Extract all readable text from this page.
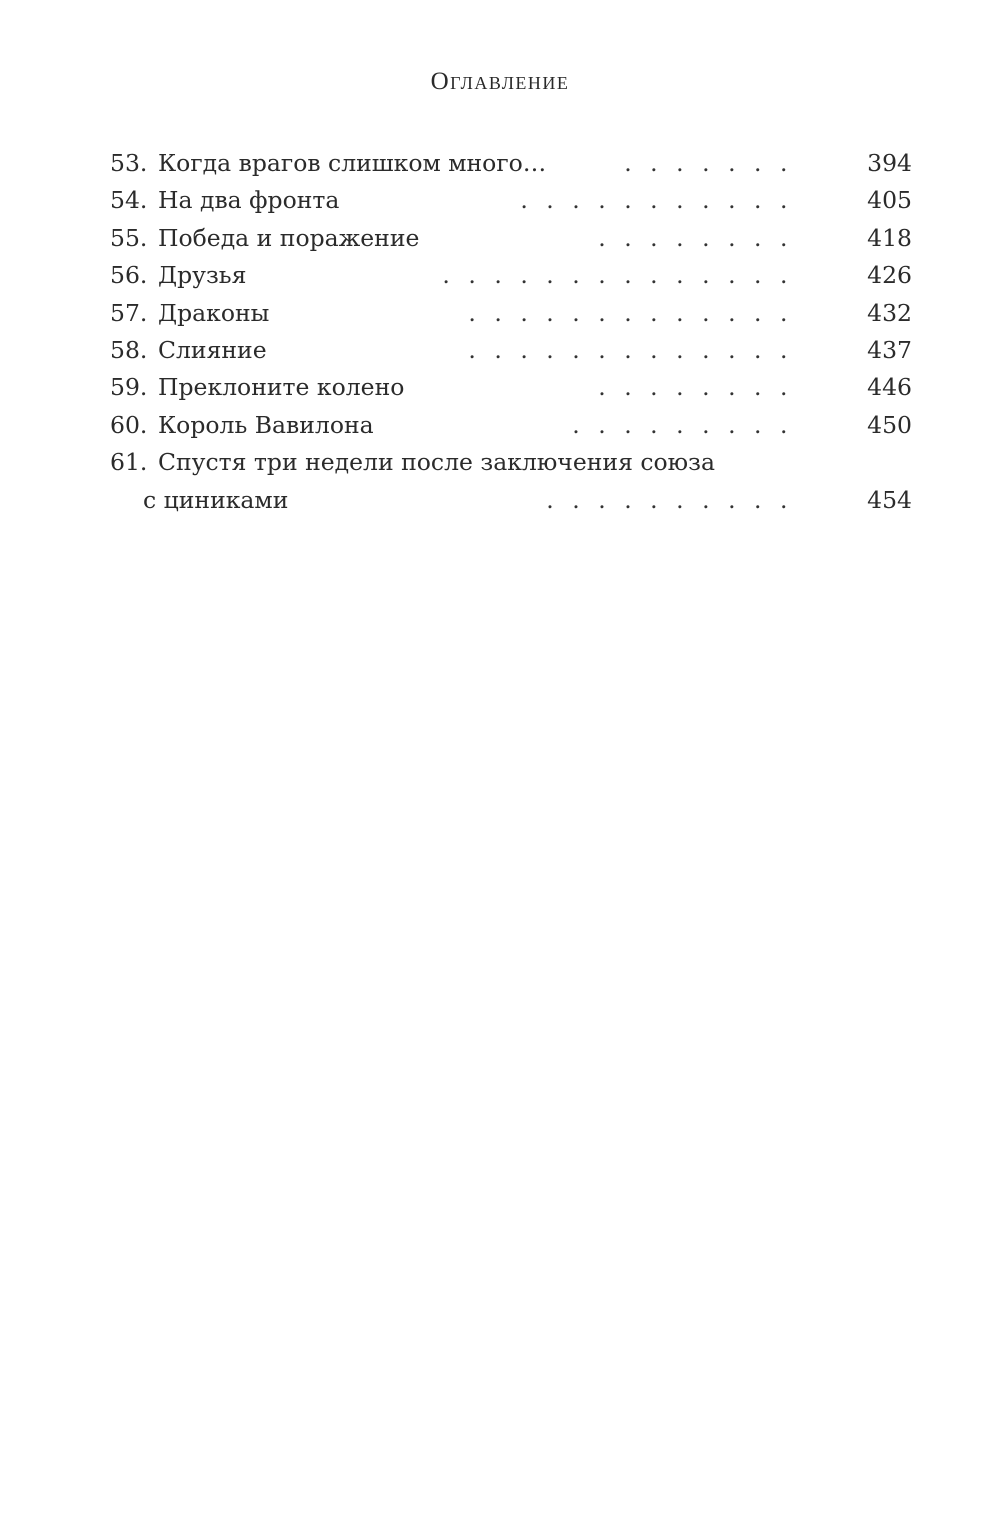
Оглавление
53. Когда врагов слишком много…	.......	394
54. На два фронта	...........	405
55. Победа и поражение	........	418
56. Друзья	..............	426
57. Драконы	.............	432
58. Слияние	.............	437
59. Преклоните колено	........	446
60. Король Вавилона	.........	450
61. Спустя три недели после заключения союза
с циниками	..........	454
